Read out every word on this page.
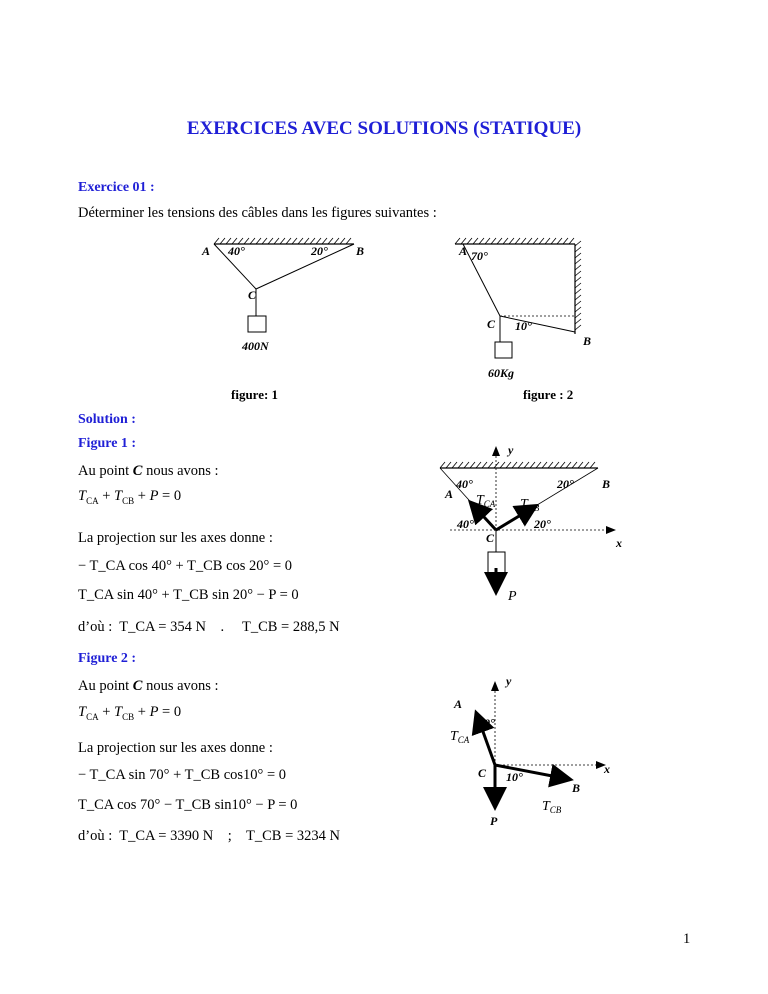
EXERCICES AVEC SOLUTIONS (STATIQUE)
Exercice 01 :
Déterminer les tensions des câbles dans les figures suivantes :
A 40°	20° B
C
400N
figure: 1
A 70°
C 10°
B
60Kg
figure : 2
Solution :
Figure 1 :
Au point C nous avons :
$T_{CA} + T_{CB} + P = 0$
La projection sur les axes donne :
− T_CA cos 40° + T_CB cos 20° = 0
T_CA sin 40° + T_CB sin 20° − P = 0
d’où : T_CA = 354 N . T_CB = 288,5 N
y
x
A
B
C
40°	20°
40°	20°
$T_{CA}$ $T_{CB}$
P
Figure 2 :
Au point C nous avons :
$T_{CA} + T_{CB} + P = 0$
La projection sur les axes donne :
− T_CA sin 70° + T_CB cos10° = 0
T_CA cos 70° − T_CB sin10° − P = 0
d’où : T_CA = 3390 N ; T_CB = 3234 N
y
x
A
B
C
P
70°
10°
$T_{CA}$
$T_{CB}$
1
